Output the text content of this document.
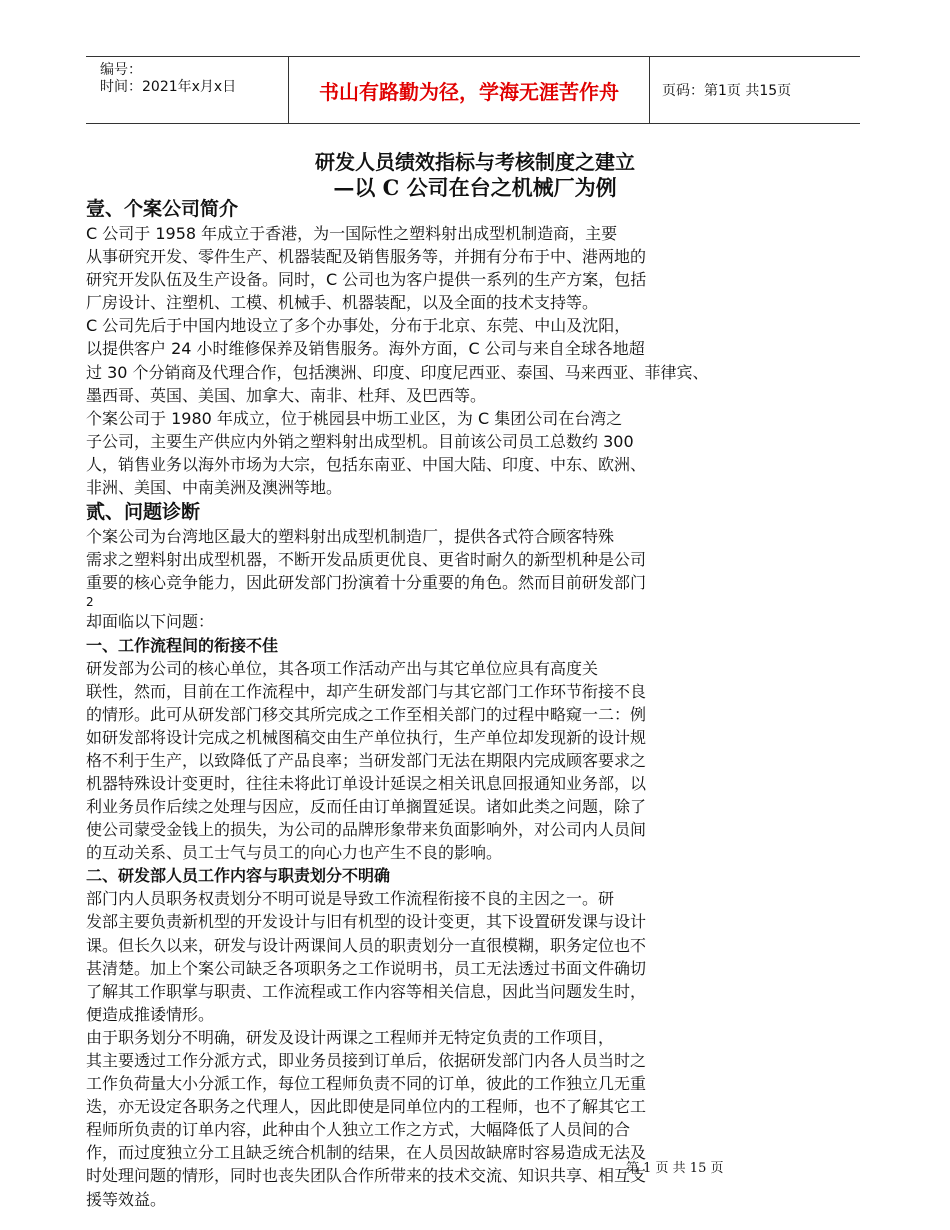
编号：
时间：2021年x月x日	书山有路勤为径，学海无涯苦作舟	页码：第1页 共15页
研发人员绩效指标与考核制度之建立
—以 C 公司在台之机械厂为例
壹、个案公司简介

C 公司于 1958 年成立于香港，为一国际性之塑料射出成型机制造商，主要

从事研究开发、零件生产、机器装配及销售服务等，并拥有分布于中、港两地的

研究开发队伍及生产设备。同时，C 公司也为客户提供一系列的生产方案，包括

厂房设计、注塑机、工模、机械手、机器装配，以及全面的技术支持等。

C 公司先后于中国内地设立了多个办事处，分布于北京、东莞、中山及沈阳，

以提供客户 24 小时维修保养及销售服务。海外方面，C 公司与来自全球各地超

过 30 个分销商及代理合作，包括澳洲、印度、印度尼西亚、泰国、马来西亚、菲律宾、

墨西哥、英国、美国、加拿大、南非、杜拜、及巴西等。

个案公司于 1980 年成立，位于桃园县中坜工业区，为 C 集团公司在台湾之

子公司，主要生产供应内外销之塑料射出成型机。目前该公司员工总数约 300

人，销售业务以海外市场为大宗，包括东南亚、中国大陆、印度、中东、欧洲、

非洲、美国、中南美洲及澳洲等地。

贰、问题诊断

个案公司为台湾地区最大的塑料射出成型机制造厂，提供各式符合顾客特殊

需求之塑料射出成型机器，不断开发品质更优良、更省时耐久的新型机种是公司

重要的核心竞争能力，因此研发部门扮演着十分重要的角色。然而目前研发部门

2

却面临以下问题：

一、工作流程间的衔接不佳

研发部为公司的核心单位，其各项工作活动产出与其它单位应具有高度关

联性，然而，目前在工作流程中，却产生研发部门与其它部门工作环节衔接不良

的情形。此可从研发部门移交其所完成之工作至相关部门的过程中略窥一二：例

如研发部将设计完成之机械图稿交由生产单位执行，生产单位却发现新的设计规

格不利于生产，以致降低了产品良率；当研发部门无法在期限内完成顾客要求之

机器特殊设计变更时，往往未将此订单设计延误之相关讯息回报通知业务部，以

利业务员作后续之处理与因应，反而任由订单搁置延误。诸如此类之问题，除了

使公司蒙受金钱上的损失，为公司的品牌形象带来负面影响外，对公司内人员间

的互动关系、员工士气与员工的向心力也产生不良的影响。

二、研发部人员工作内容与职责划分不明确

部门内人员职务权责划分不明可说是导致工作流程衔接不良的主因之一。研

发部主要负责新机型的开发设计与旧有机型的设计变更，其下设置研发课与设计

课。但长久以来，研发与设计两课间人员的职责划分一直很模糊，职务定位也不

甚清楚。加上个案公司缺乏各项职务之工作说明书，员工无法透过书面文件确切

了解其工作职掌与职责、工作流程或工作内容等相关信息，因此当问题发生时，

便造成推诿情形。

由于职务划分不明确，研发及设计两课之工程师并无特定负责的工作项目，

其主要透过工作分派方式，即业务员接到订单后，依据研发部门内各人员当时之

工作负荷量大小分派工作，每位工程师负责不同的订单，彼此的工作独立几无重

迭，亦无设定各职务之代理人，因此即使是同单位内的工程师，也不了解其它工

程师所负责的订单内容，此种由个人独立工作之方式，大幅降低了人员间的合

作，而过度独立分工且缺乏统合机制的结果，在人员因故缺席时容易造成无法及

时处理问题的情形，同时也丧失团队合作所带来的技术交流、知识共享、相互支

援等效益。

第 1 页 共 15 页
